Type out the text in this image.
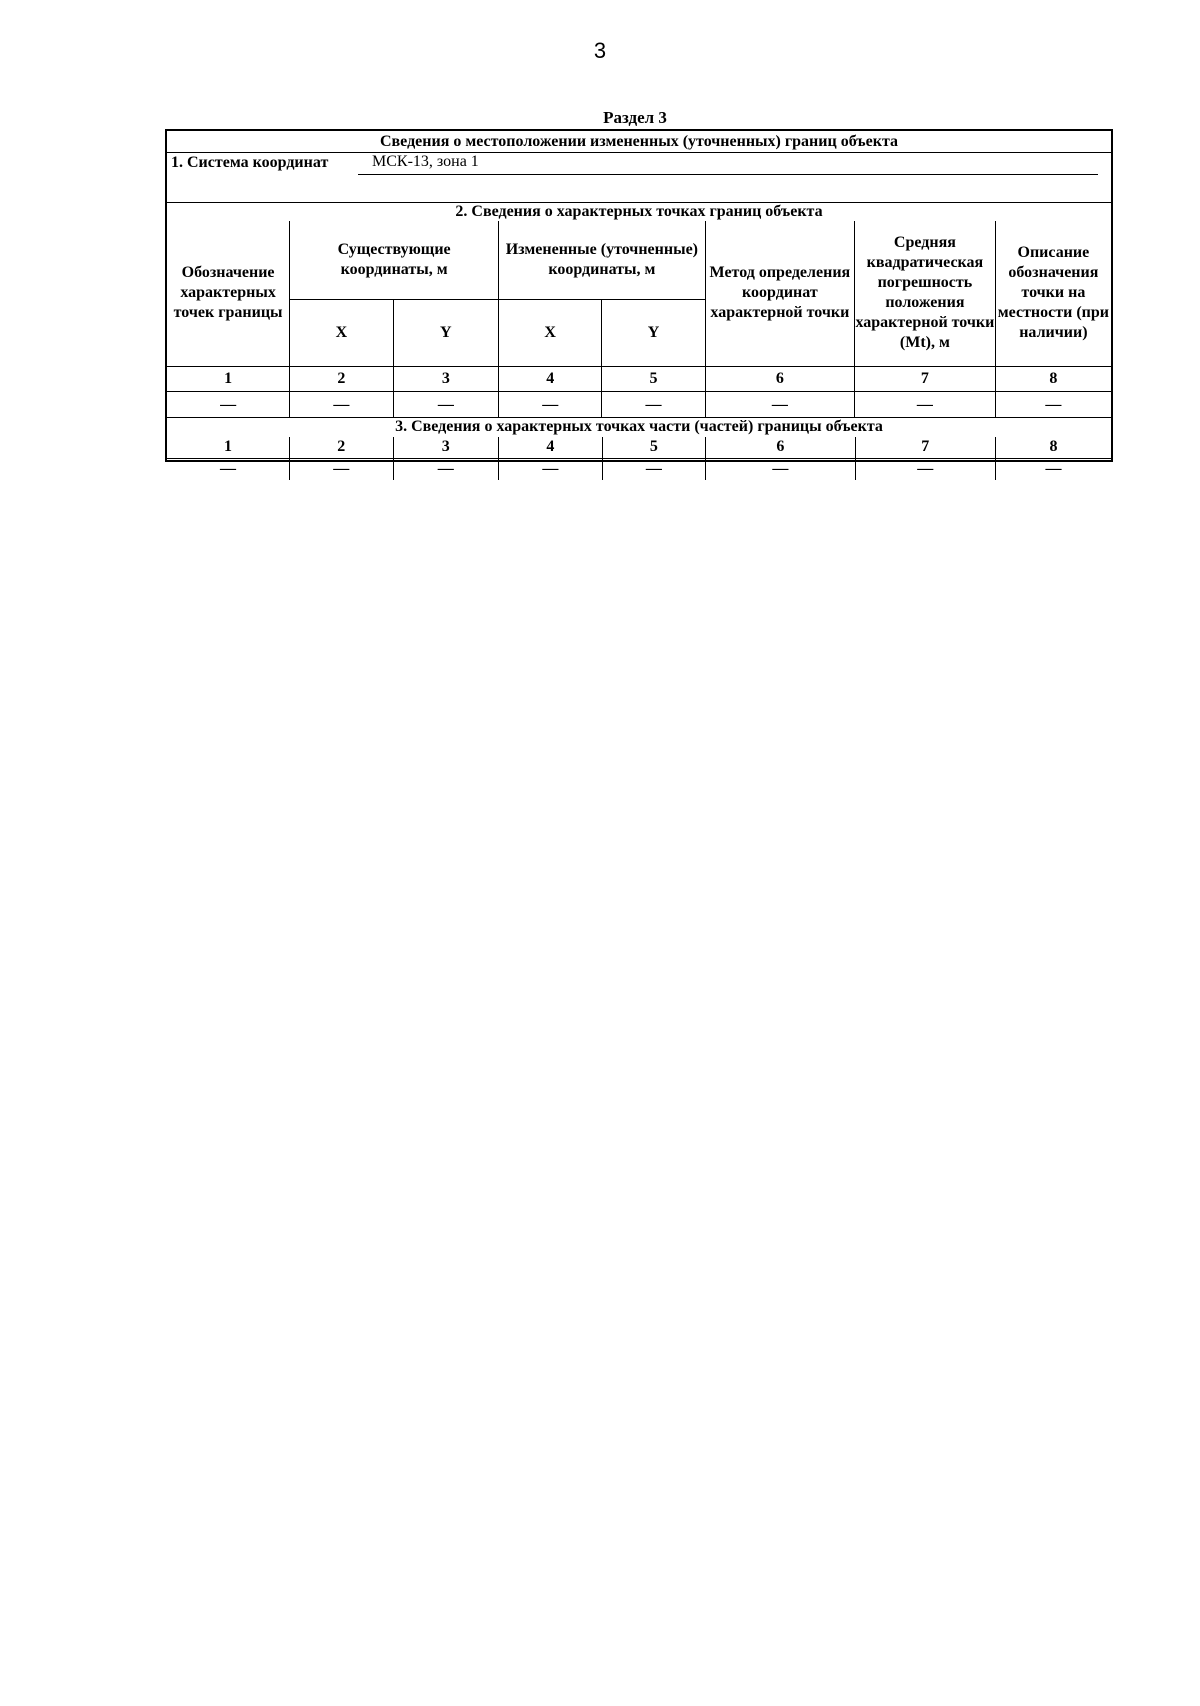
3
Раздел 3
Сведения о местоположении измененных (уточненных) границ объекта
1. Система координат	МСК-13, зона 1
2. Сведения о характерных точках границ объекта
Обозначение характерных точек границы	Существующие координаты, м		Измененные (уточненные) координаты, м		Метод определения координат характерной точки	Средняя квадратическая погрешность положения характерной точки (Mt), м	Описание обозначения точки на местности (при наличии)
	X	Y	X	Y			
1	2	3	4	5	6	7	8
—	—	—	—	—	—	—	—
3. Сведения о характерных точках части (частей) границы объекта
1	2	3	4	5	6	7	8
—	—	—	—	—	—	—	—
